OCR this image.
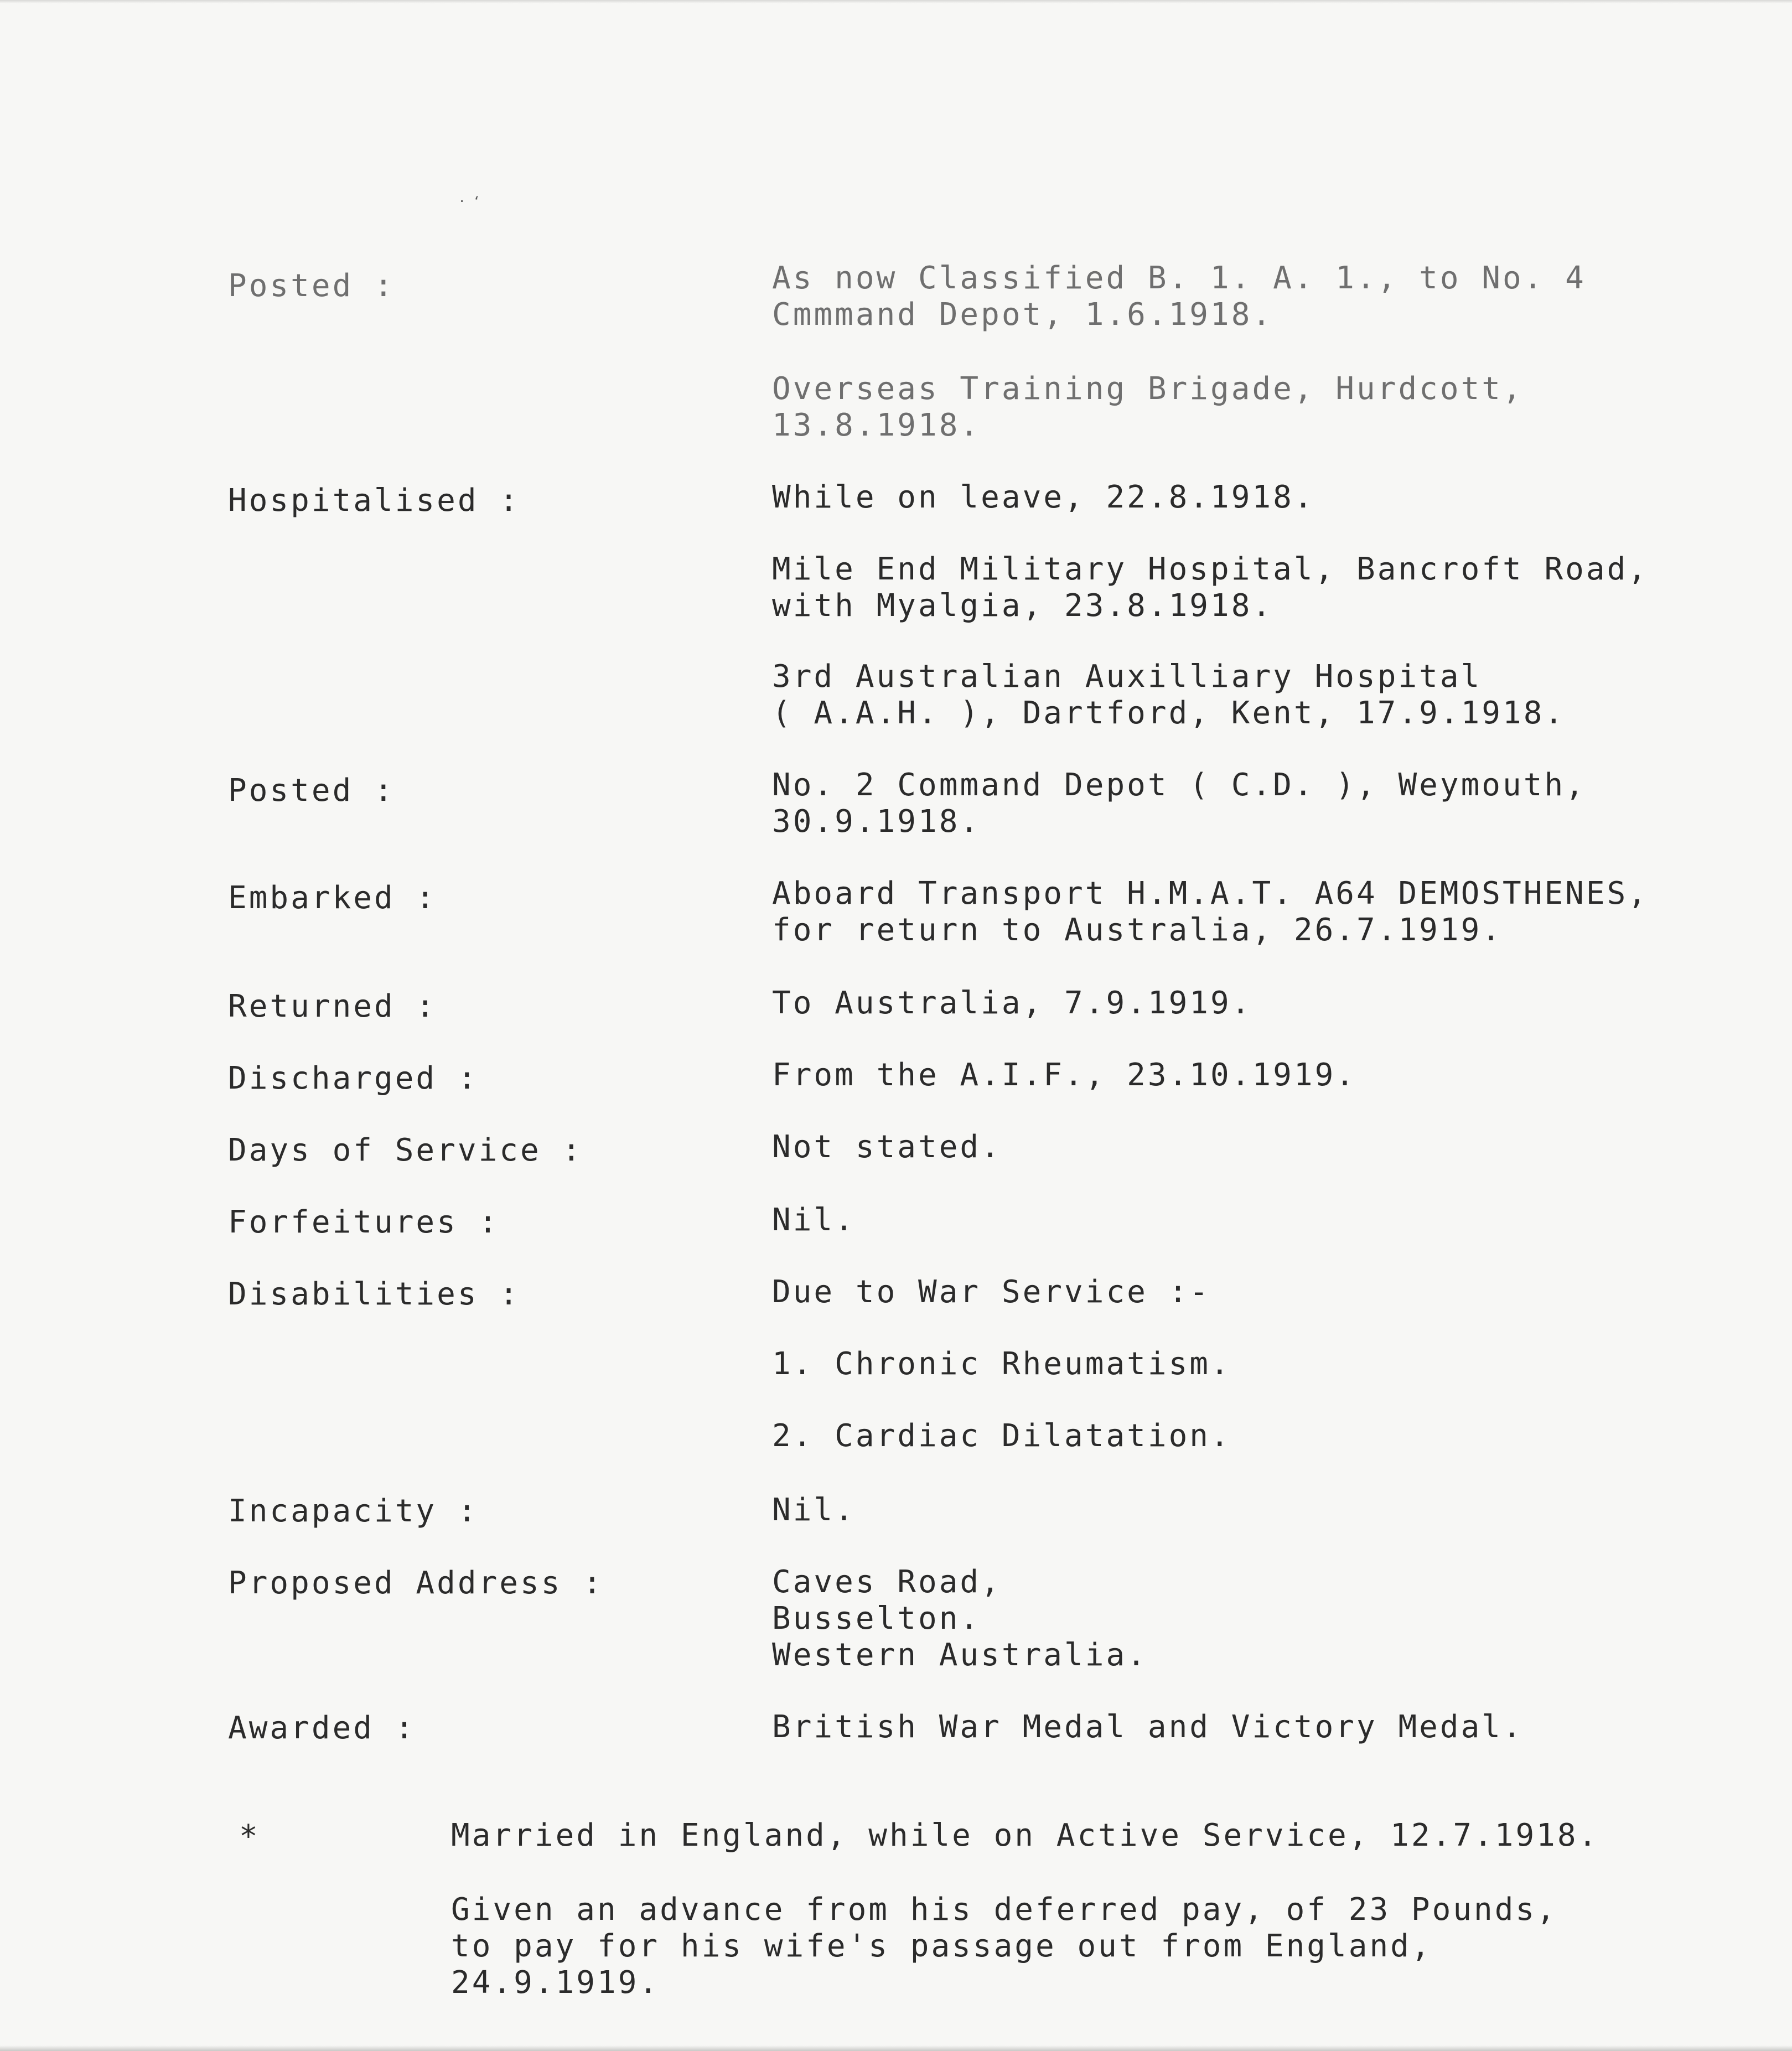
· ʻ
Posted :	As now Classified B. 1. A. 1., to No. 4
Cmmmand Depot, 1.6.1918.
Overseas Training Brigade, Hurdcott,
13.8.1918.
Hospitalised :	While on leave, 22.8.1918.
Mile End Military Hospital, Bancroft Road,
with Myalgia, 23.8.1918.
3rd Australian Auxilliary Hospital
( A.A.H. ), Dartford, Kent, 17.9.1918.
Posted :	No. 2 Command Depot ( C.D. ), Weymouth,
30.9.1918.
Embarked :	Aboard Transport H.M.A.T. A64 DEMOSTHENES,
for return to Australia, 26.7.1919.
Returned :	To Australia, 7.9.1919.
Discharged :	From the A.I.F., 23.10.1919.
Days of Service :	Not stated.
Forfeitures :	Nil.
Disabilities :	Due to War Service :-
1. Chronic Rheumatism.
2. Cardiac Dilatation.
Incapacity :	Nil.
Proposed Address :	Caves Road,
Busselton.
Western Australia.
Awarded :	British War Medal and Victory Medal.
*	Married in England, while on Active Service, 12.7.1918.
Given an advance from his deferred pay, of 23 Pounds,
to pay for his wife's passage out from England,
24.9.1919.
